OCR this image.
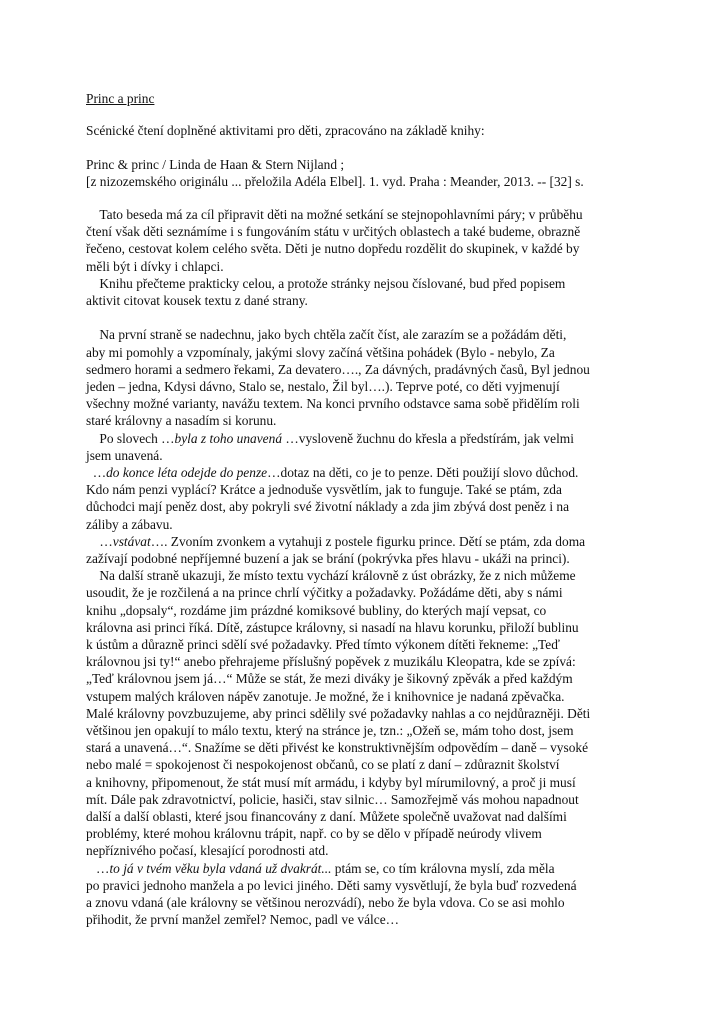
Princ a princ
Scénické čtení doplněné aktivitami pro děti, zpracováno na základě knihy:
Princ & princ / Linda de Haan & Stern Nijland ;
[z nizozemského originálu ... přeložila Adéla Elbel]. 1. vyd. Praha : Meander, 2013. -- [32] s.
Tato beseda má za cíl připravit děti na možné setkání se stejnopohlavními páry; v průběhu
čtení však děti seznámíme i s fungováním státu v určitých oblastech a také budeme, obrazně
řečeno, cestovat kolem celého světa. Děti je nutno dopředu rozdělit do skupinek, v každé by
měli být i dívky i chlapci.
Knihu přečteme prakticky celou, a protože stránky nejsou číslované, bud před popisem
aktivit citovat kousek textu z dané strany.
Na první straně se nadechnu, jako bych chtěla začít číst, ale zarazím se a požádám děti,
aby mi pomohly a vzpomínaly, jakými slovy začíná většina pohádek (Bylo - nebylo, Za
sedmero horami a sedmero řekami, Za devatero…., Za dávných, pradávných časů, Byl jednou
jeden – jedna, Kdysi dávno, Stalo se, nestalo, Žil byl….). Teprve poté, co děti vyjmenují
všechny možné varianty, navážu textem. Na konci prvního odstavce sama sobě přidělím roli
staré královny a nasadím si korunu.
Po slovech …byla z toho unavená …vysloveně žuchnu do křesla a předstírám, jak velmi
jsem unavená.
…do konce léta odejde do penze…dotaz na děti, co je to penze. Děti použijí slovo důchod.
Kdo nám penzi vyplácí? Krátce a jednoduše vysvětlím, jak to funguje. Také se ptám, zda
důchodci mají peněz dost, aby pokryli své životní náklady a zda jim zbývá dost peněz i na
záliby a zábavu.
…vstávat…. Zvoním zvonkem a vytahuji z postele figurku prince. Dětí se ptám, zda doma
zažívají podobné nepříjemné buzení a jak se brání (pokrývka přes hlavu - ukáži na princi).
Na další straně ukazuji, že místo textu vychází královně z úst obrázky, že z nich můžeme
usoudit, že je rozčilená a na prince chrlí výčitky a požadavky. Požádáme děti, aby s námi
knihu „dopsaly“, rozdáme jim prázdné komiksové bubliny, do kterých mají vepsat, co
královna asi princi říká. Dítě, zástupce královny, si nasadí na hlavu korunku, přiloží bublinu
k ústům a důrazně princi sdělí své požadavky. Před tímto výkonem dítěti řekneme: „Teď
královnou jsi ty!“ anebo přehrajeme příslušný popěvek z muzikálu Kleopatra, kde se zpívá:
„Teď královnou jsem já…“ Může se stát, že mezi diváky je šikovný zpěvák a před každým
vstupem malých královen nápěv zanotuje. Je možné, že i knihovnice je nadaná zpěvačka.
Malé královny povzbuzujeme, aby princi sdělily své požadavky nahlas a co nejdůrazněji. Děti
většinou jen opakují to málo textu, který na stránce je, tzn.: „Ožeň se, mám toho dost, jsem
stará a unavená…“. Snažíme se děti přivést ke konstruktivnějším odpovědím – daně – vysoké
nebo malé = spokojenost či nespokojenost občanů, co se platí z daní – zdůraznit školství
a knihovny, připomenout, že stát musí mít armádu, i kdyby byl mírumilovný, a proč ji musí
mít. Dále pak zdravotnictví, policie, hasiči, stav silnic… Samozřejmě vás mohou napadnout
další a další oblasti, které jsou financovány z daní. Můžete společně uvažovat nad dalšími
problémy, které mohou královnu trápit, např. co by se dělo v případě neúrody vlivem
nepříznivého počasí, klesající porodnosti atd.
…to já v tvém věku byla vdaná už dvakrát... ptám se, co tím královna myslí, zda měla
po pravici jednoho manžela a po levici jiného. Děti samy vysvětlují, že byla buď rozvedená
a znovu vdaná (ale královny se většinou nerozvádí), nebo že byla vdova. Co se asi mohlo
přihodit, že první manžel zemřel? Nemoc, padl ve válce…
